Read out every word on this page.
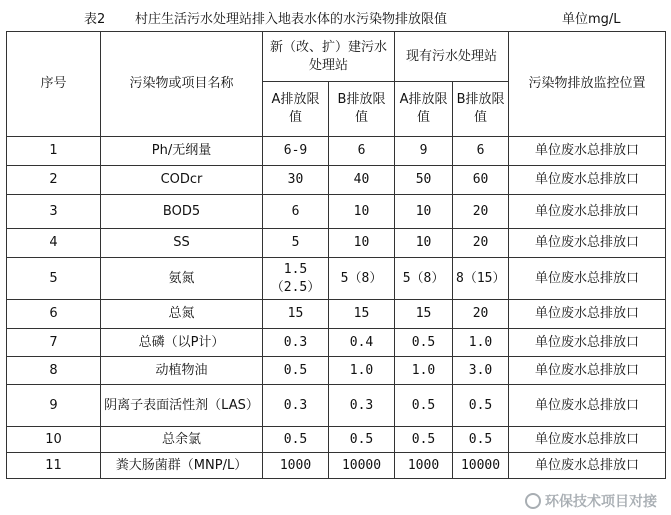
表2 村庄生活污水处理站排入地表水体的水污染物排放限值	单位mg/L
序号	污染物或项目名称	新（改、扩）建污水处理站		现有污水处理站		污染物排放监控位置
		A排放限值	B排放限值	A排放限值	B排放限值	
1	Ph/无纲量	6-9	6	9	6	单位废水总排放口
2	CODcr	30	40	50	60	单位废水总排放口
3	BOD5	6	10	10	20	单位废水总排放口
4	SS	5	10	10	20	单位废水总排放口
5	氨氮	1.5（2.5）	5（8）	5（8）	8（15）	单位废水总排放口
6	总氮	15	15	15	20	单位废水总排放口
7	总磷（以P计）	0.3	0.4	0.5	1.0	单位废水总排放口
8	动植物油	0.5	1.0	1.0	3.0	单位废水总排放口
9	阴离子表面活性剂（LAS）	0.3	0.3	0.5	0.5	单位废水总排放口
10	总余氯	0.5	0.5	0.5	0.5	单位废水总排放口
11	粪大肠菌群（MNP/L）	1000	10000	1000	10000	单位废水总排放口
环保技术项目对接
